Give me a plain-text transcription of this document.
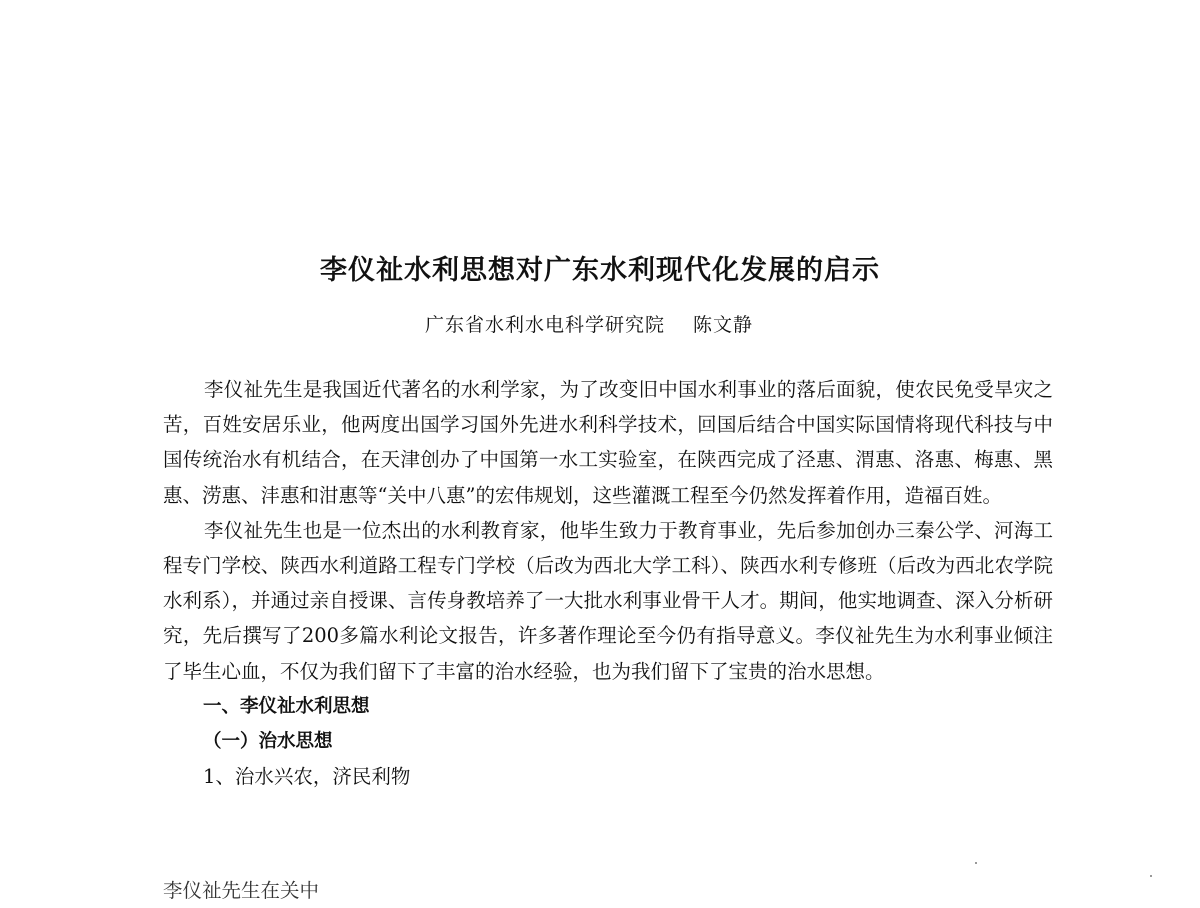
李仪祉水利思想对广东水利现代化发展的启示
广东省水利水电科学研究院 陈文静

李仪祉先生是我国近代著名的水利学家，为了改变旧中国水利事业的落后面貌，使农民免受旱灾之苦，百姓安居乐业，他两度出国学习国外先进水利科学技术，回国后结合中国实际国情将现代科技与中国传统治水有机结合，在天津创办了中国第一水工实验室，在陕西完成了泾惠、渭惠、洛惠、梅惠、黑惠、涝惠、沣惠和泔惠等“关中八惠”的宏伟规划，这些灌溉工程至今仍然发挥着作用，造福百姓。

李仪祉先生也是一位杰出的水利教育家，他毕生致力于教育事业，先后参加创办三秦公学、河海工程专门学校、陕西水利道路工程专门学校（后改为西北大学工科）、陕西水利专修班（后改为西北农学院水利系），并通过亲自授课、言传身教培养了一大批水利事业骨干人才。期间，他实地调查、深入分析研究，先后撰写了200多篇水利论文报告，许多著作理论至今仍有指导意义。李仪祉先生为水利事业倾注了毕生心血，不仅为我们留下了丰富的治水经验，也为我们留下了宝贵的治水思想。

一、李仪祉水利思想

（一）治水思想

1、治水兴农，济民利物

李仪祉先生在关中
